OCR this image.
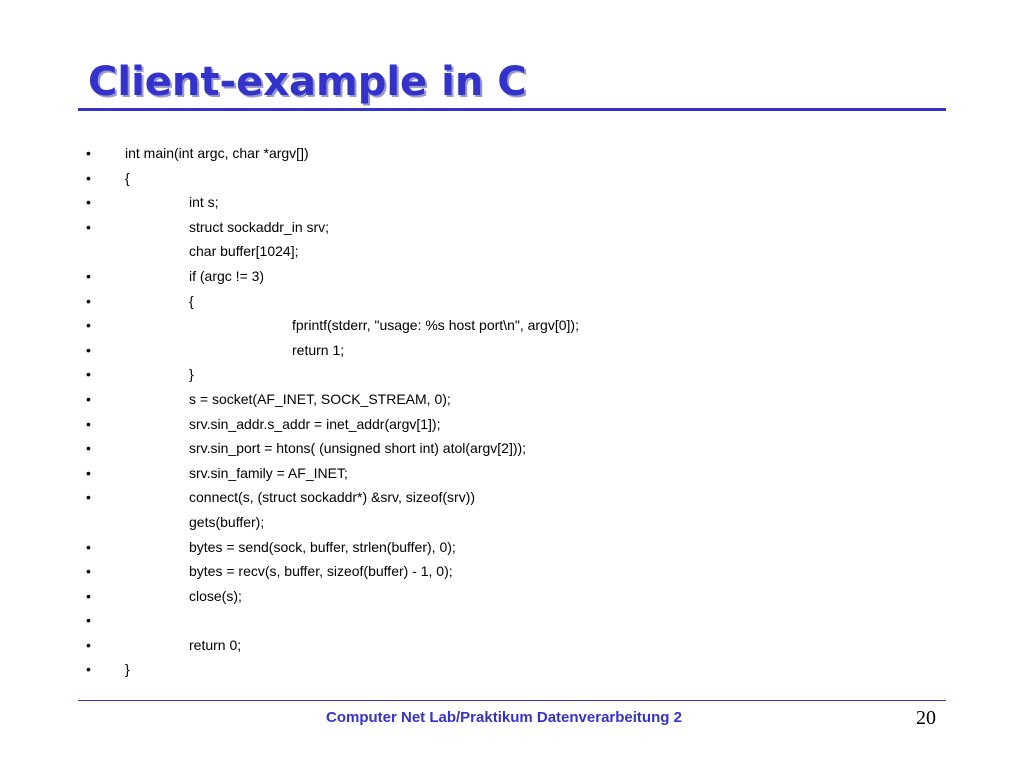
Client-example in C
• int main(int argc, char *argv[])
• {
•	int s;
•	struct sockaddr_in srv;
char buffer[1024];
•	if (argc != 3)
•	{
•	fprintf(stderr, "usage: %s host port\n", argv[0]);
•	return 1;
•	}
•	s = socket(AF_INET, SOCK_STREAM, 0);
•	srv.sin_addr.s_addr = inet_addr(argv[1]);
•	srv.sin_port = htons( (unsigned short int) atol(argv[2]));
•	srv.sin_family = AF_INET;
•	connect(s, (struct sockaddr*) &srv, sizeof(srv))
gets(buffer);
•	bytes = send(sock, buffer, strlen(buffer), 0);
•	bytes = recv(s, buffer, sizeof(buffer) - 1, 0);
•	close(s);
•
•	return 0;
• }
Computer Net Lab/Praktikum Datenverarbeitung 2	20
